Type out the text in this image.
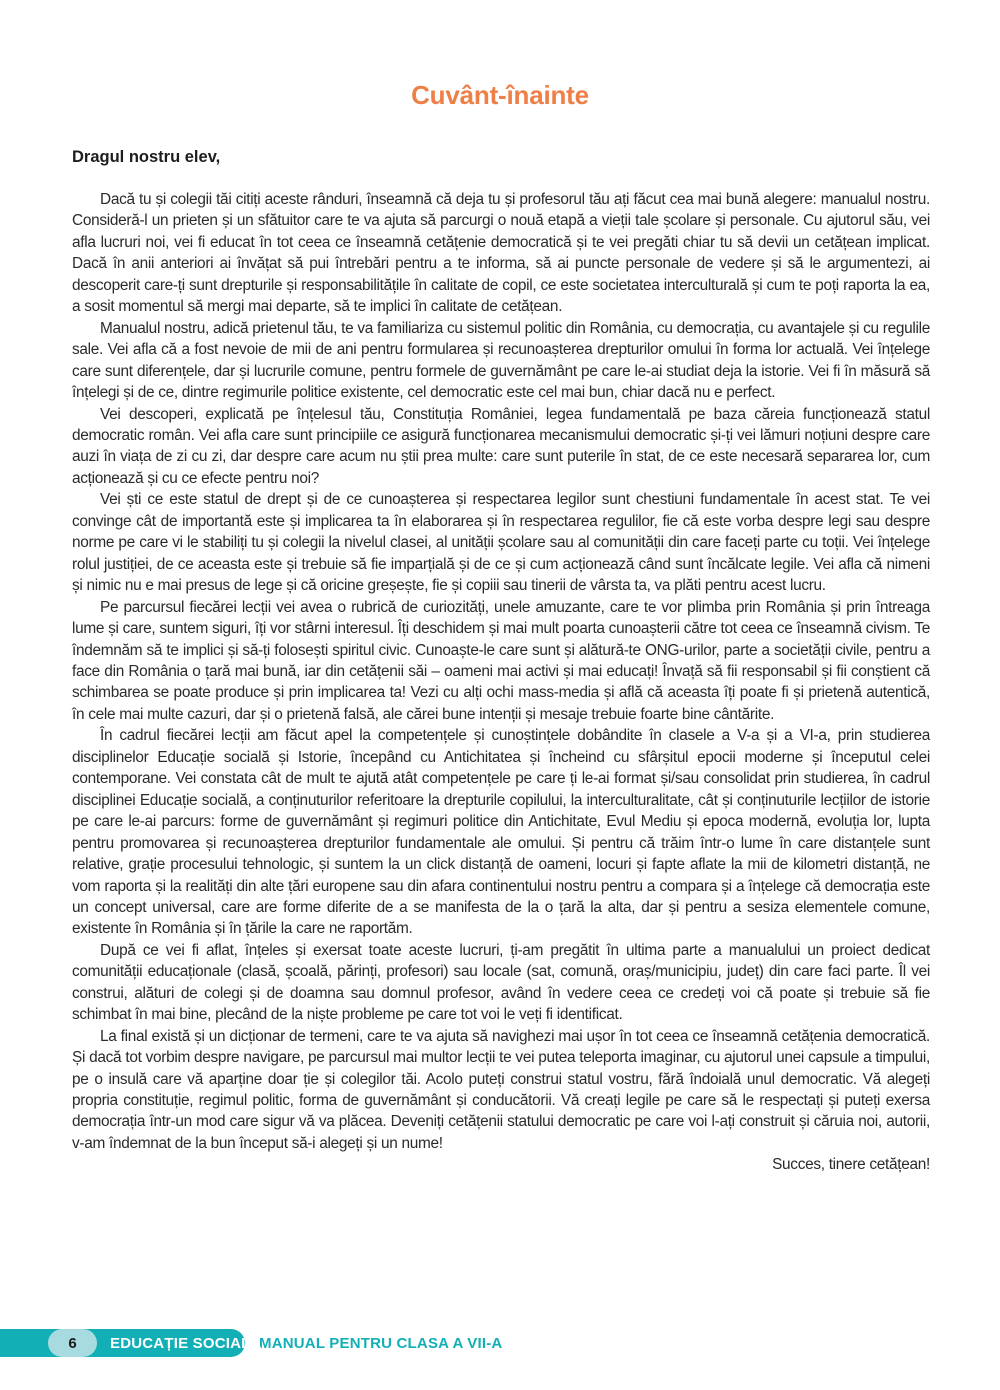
Cuvânt-înainte

Dragul nostru elev,

Dacă tu și colegii tăi citiți aceste rânduri, înseamnă că deja tu și profesorul tău ați făcut cea mai bună alegere: manualul nostru. Consideră-l un prieten și un sfătuitor care te va ajuta să parcurgi o nouă etapă a vieții tale școlare și personale. Cu ajutorul său, vei afla lucruri noi, vei fi educat în tot ceea ce înseamnă cetățenie democratică și te vei pregăti chiar tu să devii un cetățean implicat. Dacă în anii anteriori ai învățat să pui întrebări pentru a te informa, să ai puncte personale de vedere și să le argumentezi, ai descoperit care-ți sunt drepturile și responsabilitățile în calitate de copil, ce este societatea interculturală și cum te poți raporta la ea, a sosit momentul să mergi mai departe, să te implici în calitate de cetățean.

Manualul nostru, adică prietenul tău, te va familiariza cu sistemul politic din România, cu democrația, cu avantajele și cu regulile sale. Vei afla că a fost nevoie de mii de ani pentru formularea și recunoașterea drepturilor omului în forma lor actuală. Vei înțelege care sunt diferențele, dar și lucrurile comune, pentru formele de guvernământ pe care le-ai studiat deja la istorie. Vei fi în măsură să înțelegi și de ce, dintre regimurile politice existente, cel democratic este cel mai bun, chiar dacă nu e perfect.

Vei descoperi, explicată pe înțelesul tău, Constituția României, legea fundamentală pe baza căreia funcționează statul democratic român. Vei afla care sunt principiile ce asigură funcționarea mecanismului democratic și-ți vei lămuri noțiuni despre care auzi în viața de zi cu zi, dar despre care acum nu știi prea multe: care sunt puterile în stat, de ce este necesară separarea lor, cum acționează și cu ce efecte pentru noi?

Vei ști ce este statul de drept și de ce cunoașterea și respectarea legilor sunt chestiuni fundamentale în acest stat. Te vei convinge cât de importantă este și implicarea ta în elaborarea și în respectarea regulilor, fie că este vorba despre legi sau despre norme pe care vi le stabiliți tu și colegii la nivelul clasei, al unității școlare sau al comunității din care faceți parte cu toții. Vei înțelege rolul justiției, de ce aceasta este și trebuie să fie imparțială și de ce și cum acționează când sunt încălcate legile. Vei afla că nimeni și nimic nu e mai presus de lege și că oricine greșește, fie și copiii sau tinerii de vârsta ta, va plăti pentru acest lucru.

Pe parcursul fiecărei lecții vei avea o rubrică de curiozități, unele amuzante, care te vor plimba prin România și prin întreaga lume și care, suntem siguri, îți vor stârni interesul. Îți deschidem și mai mult poarta cunoașterii către tot ceea ce înseamnă civism. Te îndemnăm să te implici și să-ți folosești spiritul civic. Cunoaște-le care sunt și alătură-te ONG-urilor, parte a societății civile, pentru a face din România o țară mai bună, iar din cetățenii săi – oameni mai activi și mai educați! Învață să fii responsabil și fii conștient că schimbarea se poate produce și prin implicarea ta! Vezi cu alți ochi mass-media și află că aceasta îți poate fi și prietenă autentică, în cele mai multe cazuri, dar și o prietenă falsă, ale cărei bune intenții și mesaje trebuie foarte bine cântărite.

În cadrul fiecărei lecții am făcut apel la competențele și cunoștințele dobândite în clasele a V-a și a VI-a, prin studierea disciplinelor Educație socială și Istorie, începând cu Antichitatea și încheind cu sfârșitul epocii moderne și începutul celei contemporane. Vei constata cât de mult te ajută atât competențele pe care ți le-ai format și/sau consolidat prin studierea, în cadrul disciplinei Educație socială, a conținuturilor referitoare la drepturile copilului, la interculturalitate, cât și conținuturile lecțiilor de istorie pe care le-ai parcurs: forme de guvernământ și regimuri politice din Antichitate, Evul Mediu și epoca modernă, evoluția lor, lupta pentru promovarea și recunoașterea drepturilor fundamentale ale omului. Și pentru că trăim într-o lume în care distanțele sunt relative, grație procesului tehnologic, și suntem la un click distanță de oameni, locuri și fapte aflate la mii de kilometri distanță, ne vom raporta și la realități din alte țări europene sau din afara continentului nostru pentru a compara și a înțelege că democrația este un concept universal, care are forme diferite de a se manifesta de la o țară la alta, dar și pentru a sesiza elementele comune, existente în România și în țările la care ne raportăm.

După ce vei fi aflat, înțeles și exersat toate aceste lucruri, ți-am pregătit în ultima parte a manualului un proiect dedicat comunității educaționale (clasă, școală, părinți, profesori) sau locale (sat, comună, oraș/municipiu, județ) din care faci parte. Îl vei construi, alături de colegi și de doamna sau domnul profesor, având în vedere ceea ce credeți voi că poate și trebuie să fie schimbat în mai bine, plecând de la niște probleme pe care tot voi le veți fi identificat.

La final există și un dicționar de termeni, care te va ajuta să navighezi mai ușor în tot ceea ce înseamnă cetățenia democratică. Și dacă tot vorbim despre navigare, pe parcursul mai multor lecții te vei putea teleporta imaginar, cu ajutorul unei capsule a timpului, pe o insulă care vă aparține doar ție și colegilor tăi. Acolo puteți construi statul vostru, fără îndoială unul democratic. Vă alegeți propria constituție, regimul politic, forma de guvernământ și conducătorii. Vă creați legile pe care să le respectați și puteți exersa democrația într-un mod care sigur vă va plăcea. Deveniți cetățenii statului democratic pe care voi l-ați construit și căruia noi, autorii, v-am îndemnat de la bun început să-i alegeți și un nume!

Succes, tinere cetățean!

6	EDUCAȚIE SOCIALĂ
MANUAL PENTRU CLASA A VII-A
